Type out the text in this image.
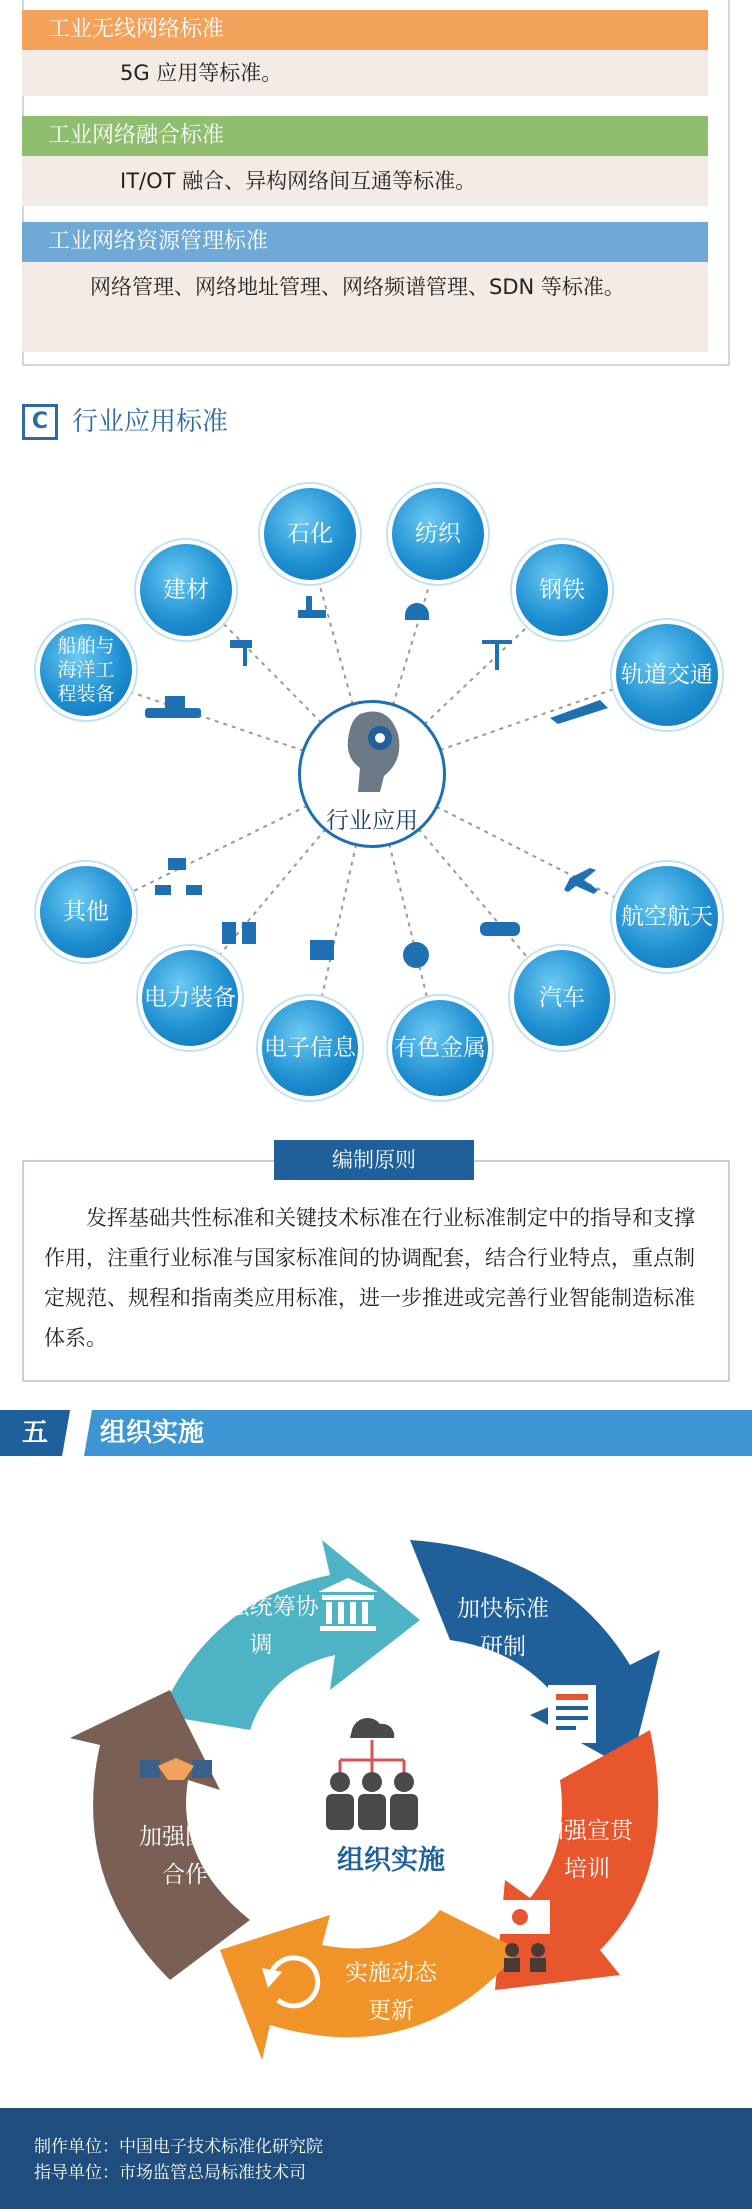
工业无线网络标准
5G 应用等标准。
工业网络融合标准
IT/OT 融合、异构网络间互通等标准。
工业网络资源管理标准
网络管理、网络地址管理、网络频谱管理、SDN 等标准。
C 行业应用标准
行业应用
石化	纺织
建材	钢铁
船舶与海洋工程装备
轨道交通
其他	航空航天
电力装备	汽车
电子信息 有色金属
编制原则
发挥基础共性标准和关键技术标准在行业标准制定中的指导和支撑作用，注重行业标准与国家标准间的协调配套，结合行业特点，重点制定规范、规程和指南类应用标准，进一步推进或完善行业智能制造标准体系。
五	组织实施
加强统筹协调
加快标准研制
加强宣贯培训
实施动态更新
加强国际合作	组织实施
制作单位：中国电子技术标准化研究院
指导单位：市场监管总局标准技术司
